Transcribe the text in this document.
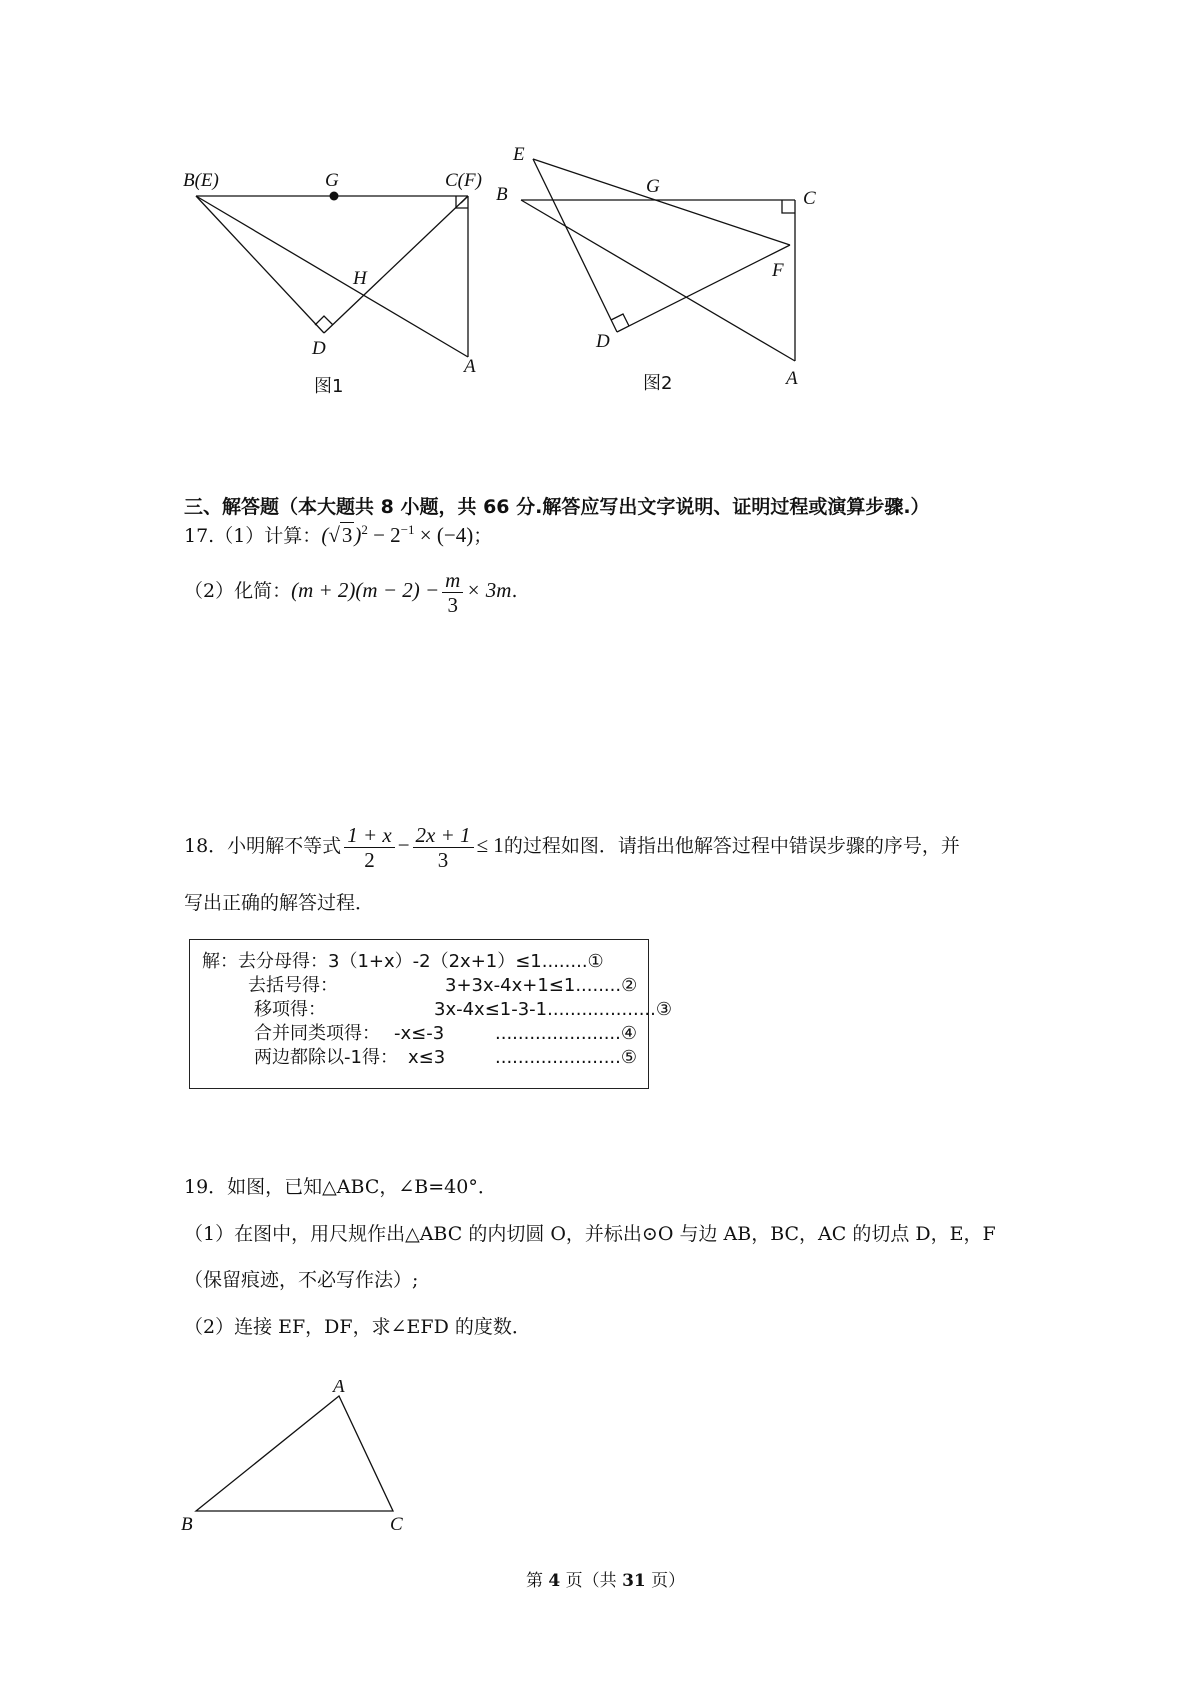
B(E)	G	C(F)
H
D
A
图1
E
B	G
C
F
D
A
图2
三、解答题（本大题共 8 小题，共 66 分.解答应写出文字说明、证明过程或演算步骤.）
17.（1）计算：$(√3)^2 - 2^{-1} \times (-4)$；
（2）化简：$(m + 2)(m - 2) - \frac{m}{3} \times 3m$.
18．小明解不等式 $\frac{1 + x}{2} - \frac{2x + 1}{3} \le 1$的过程如图．请指出他解答过程中错误步骤的序号，并
写出正确的解答过程．
解：去分母得：3（1+x）-2（2x+1）≤1........①
去括号得：	3+3x-4x+1≤1........②
移项得：	3x-4x≤1-3-1...................③
合并同类项得： -x≤-3	......................④
两边都除以-1得： x≤3	......................⑤
19．如图，已知△ABC，∠B=40°．
（1）在图中，用尺规作出△ABC 的内切圆 O，并标出⊙O 与边 AB，BC，AC 的切点 D，E，F
（保留痕迹，不必写作法）;
（2）连接 EF，DF，求∠EFD 的度数．
A
B	C
第 4 页（共 31 页）
